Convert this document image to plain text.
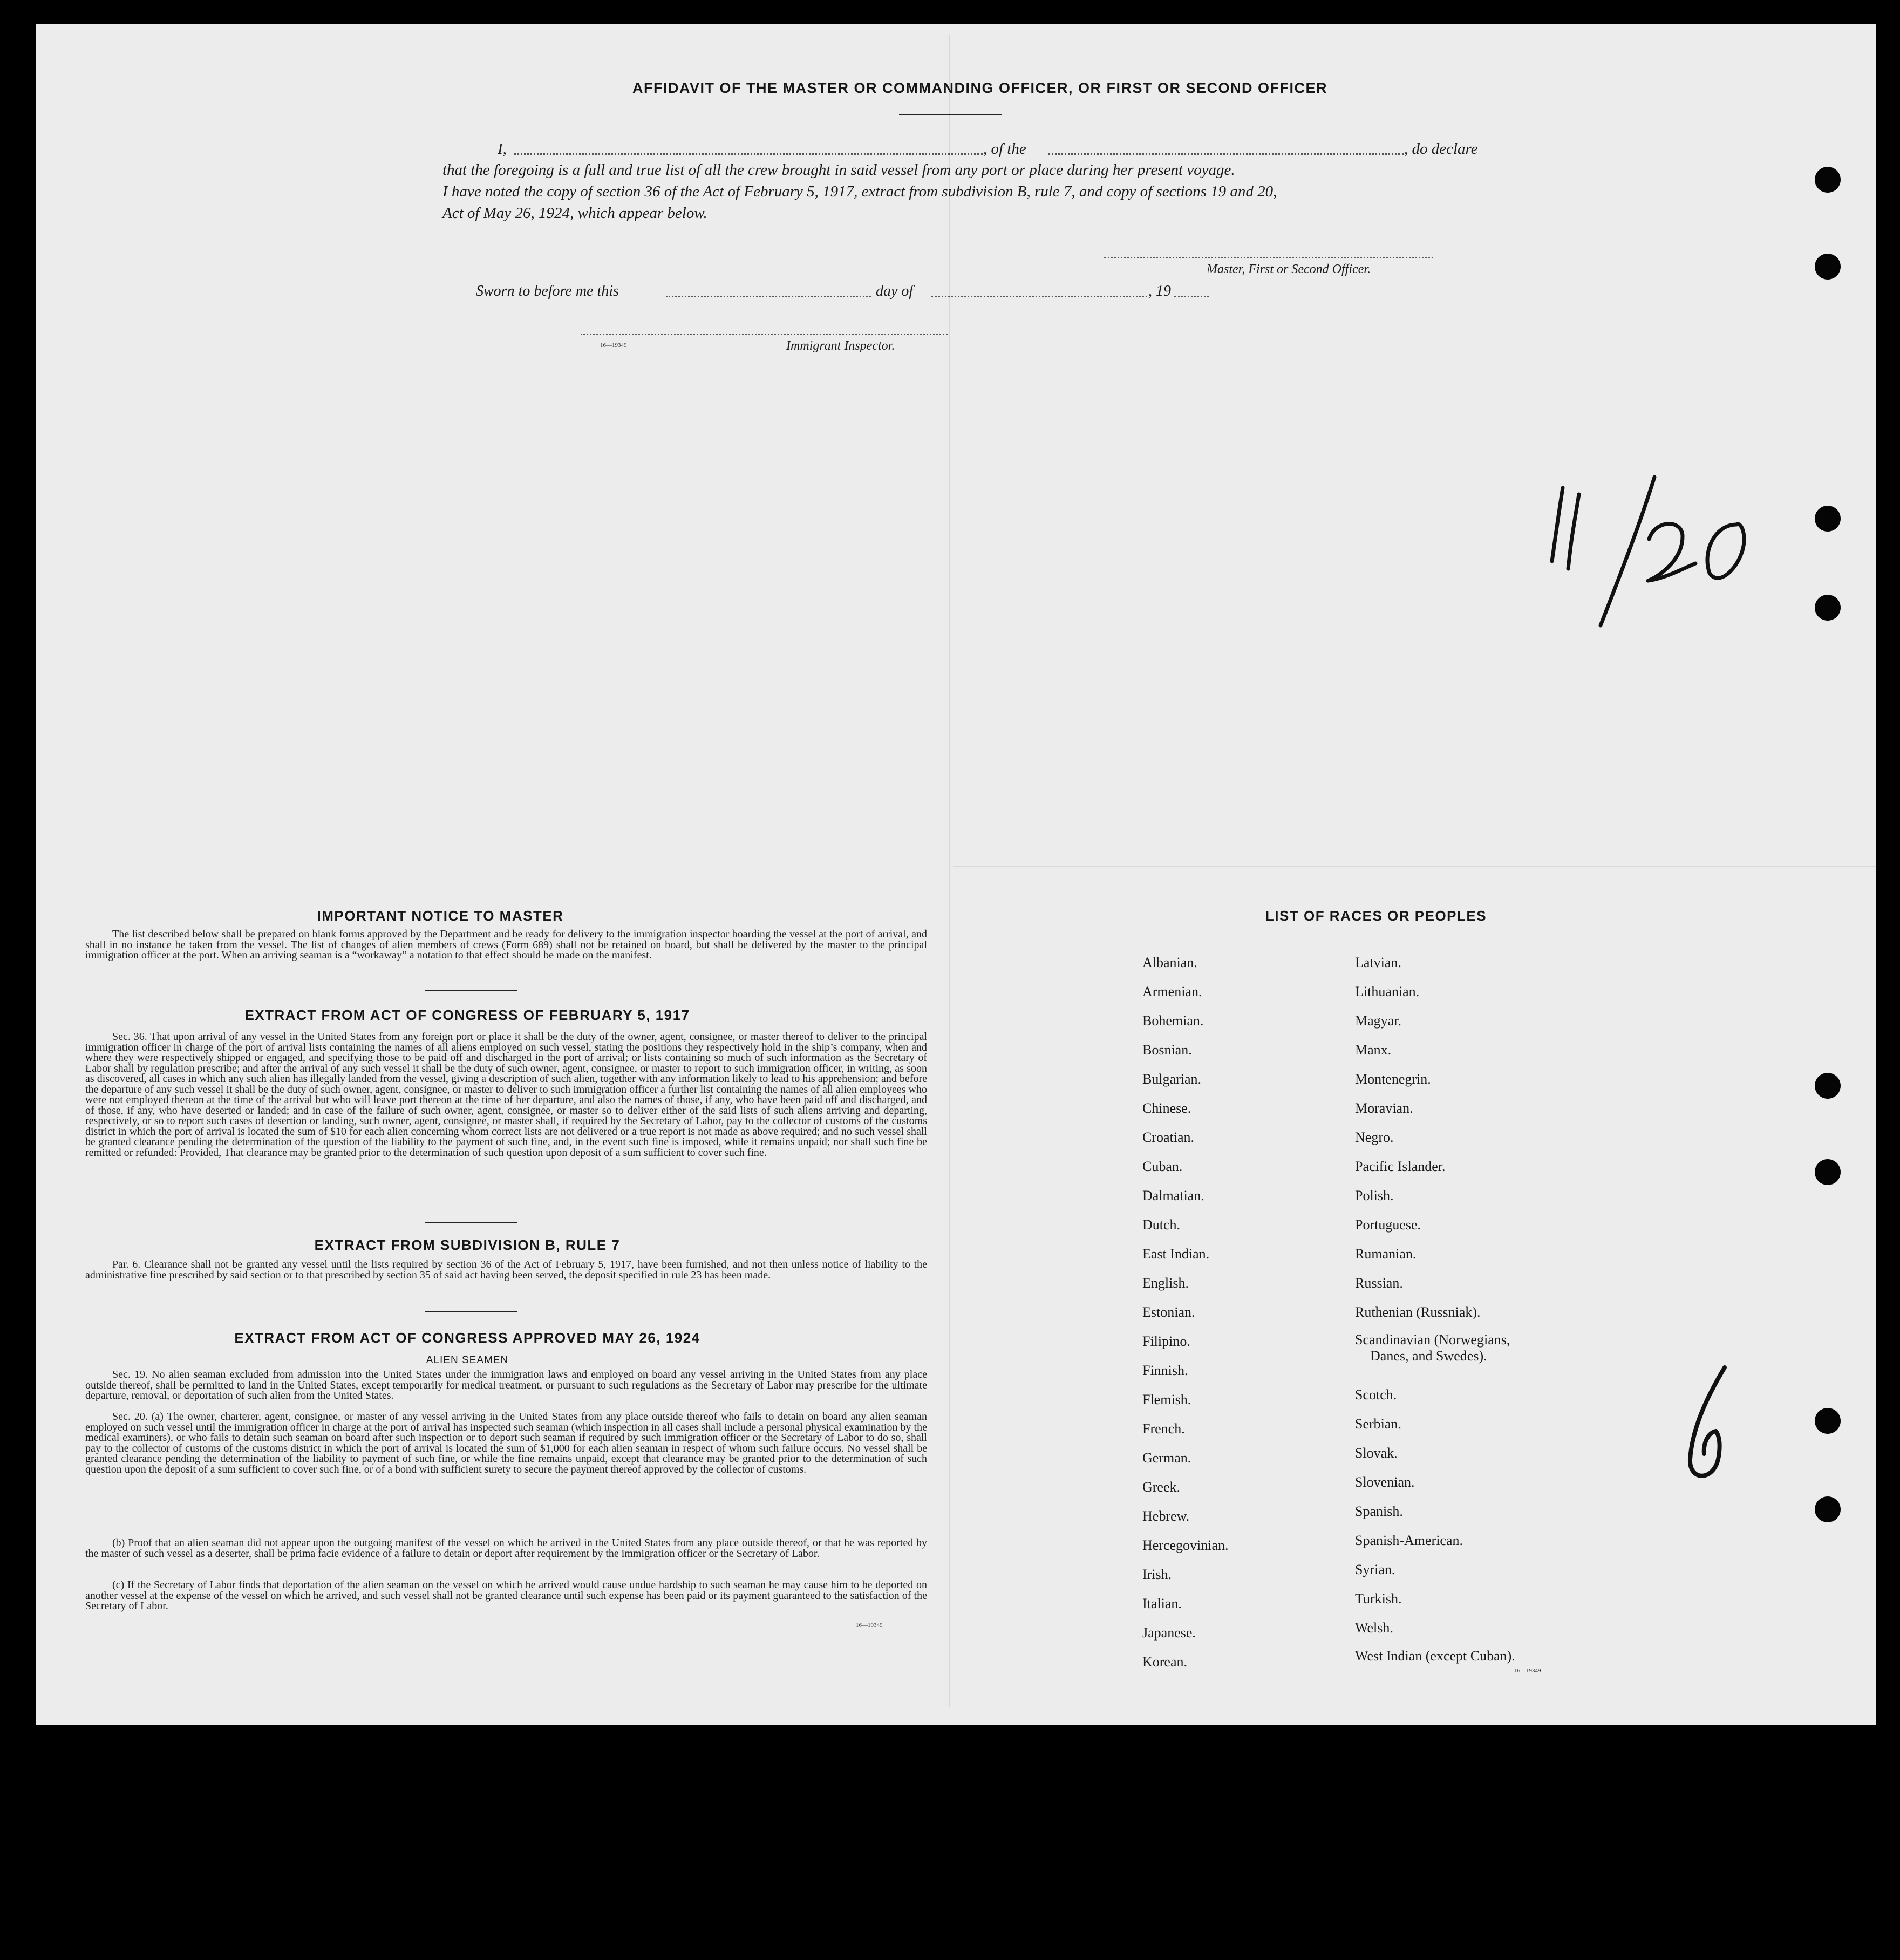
AFFIDAVIT OF THE MASTER OR COMMANDING OFFICER, OR FIRST OR SECOND OFFICER
I,	, of the	, do declare
that the foregoing is a full and true list of all the crew brought in said vessel from any port or place during her present voyage.
I have noted the copy of section 36 of the Act of February 5, 1917, extract from subdivision B, rule 7, and copy of sections 19 and 20,
Act of May 26, 1924, which appear below.
Master, First or Second Officer.
Sworn to before me this	day of	, 19
16—19349	Immigrant Inspector.
11/20
6
IMPORTANT NOTICE TO MASTER
The list described below shall be prepared on blank forms approved by the Department and be ready for delivery to the immigration inspector boarding the vessel at the port of arrival, and shall in no instance be taken from the vessel. The list of changes of alien members of crews (Form 689) shall not be retained on board, but shall be delivered by the master to the principal immigration officer at the port. When an arriving seaman is a “workaway” a notation to that effect should be made on the manifest.
EXTRACT FROM ACT OF CONGRESS OF FEBRUARY 5, 1917
Sec. 36. That upon arrival of any vessel in the United States from any foreign port or place it shall be the duty of the owner, agent, consignee, or master thereof to deliver to the principal immigration officer in charge of the port of arrival lists containing the names of all aliens employed on such vessel, stating the positions they respectively hold in the ship’s company, when and where they were respectively shipped or engaged, and specifying those to be paid off and discharged in the port of arrival; or lists containing so much of such information as the Secretary of Labor shall by regulation prescribe; and after the arrival of any such vessel it shall be the duty of such owner, agent, consignee, or master to report to such immigration officer, in writing, as soon as discovered, all cases in which any such alien has illegally landed from the vessel, giving a description of such alien, together with any information likely to lead to his apprehension; and before the departure of any such vessel it shall be the duty of such owner, agent, consignee, or master to deliver to such immigration officer a further list containing the names of all alien employees who were not employed thereon at the time of the arrival but who will leave port thereon at the time of her departure, and also the names of those, if any, who have been paid off and discharged, and of those, if any, who have deserted or landed; and in case of the failure of such owner, agent, consignee, or master so to deliver either of the said lists of such aliens arriving and departing, respectively, or so to report such cases of desertion or landing, such owner, agent, consignee, or master shall, if required by the Secretary of Labor, pay to the collector of customs of the customs district in which the port of arrival is located the sum of $10 for each alien concerning whom correct lists are not delivered or a true report is not made as above required; and no such vessel shall be granted clearance pending the determination of the question of the liability to the payment of such fine, and, in the event such fine is imposed, while it remains unpaid; nor shall such fine be remitted or refunded: Provided, That clearance may be granted prior to the determination of such question upon deposit of a sum sufficient to cover such fine.
EXTRACT FROM SUBDIVISION B, RULE 7
Par. 6. Clearance shall not be granted any vessel until the lists required by section 36 of the Act of February 5, 1917, have been furnished, and not then unless notice of liability to the administrative fine prescribed by said section or to that prescribed by section 35 of said act having been served, the deposit specified in rule 23 has been made.
EXTRACT FROM ACT OF CONGRESS APPROVED MAY 26, 1924
ALIEN SEAMEN
Sec. 19. No alien seaman excluded from admission into the United States under the immigration laws and employed on board any vessel arriving in the United States from any place outside thereof, shall be permitted to land in the United States, except temporarily for medical treatment, or pursuant to such regulations as the Secretary of Labor may prescribe for the ultimate departure, removal, or deportation of such alien from the United States.
Sec. 20. (a) The owner, charterer, agent, consignee, or master of any vessel arriving in the United States from any place outside thereof who fails to detain on board any alien seaman employed on such vessel until the immigration officer in charge at the port of arrival has inspected such seaman (which inspection in all cases shall include a personal physical examination by the medical examiners), or who fails to detain such seaman on board after such inspection or to deport such seaman if required by such immigration officer or the Secretary of Labor to do so, shall pay to the collector of customs of the customs district in which the port of arrival is located the sum of $1,000 for each alien seaman in respect of whom such failure occurs. No vessel shall be granted clearance pending the determination of the liability to payment of such fine, or while the fine remains unpaid, except that clearance may be granted prior to the determination of such question upon the deposit of a sum sufficient to cover such fine, or of a bond with sufficient surety to secure the payment thereof approved by the collector of customs.
(b) Proof that an alien seaman did not appear upon the outgoing manifest of the vessel on which he arrived in the United States from any place outside thereof, or that he was reported by the master of such vessel as a deserter, shall be prima facie evidence of a failure to detain or deport after requirement by the immigration officer or the Secretary of Labor.
(c) If the Secretary of Labor finds that deportation of the alien seaman on the vessel on which he arrived would cause undue hardship to such seaman he may cause him to be deported on another vessel at the expense of the vessel on which he arrived, and such vessel shall not be granted clearance until such expense has been paid or its payment guaranteed to the satisfaction of the Secretary of Labor.
16—19349
LIST OF RACES OR PEOPLES
16—19349
Albanian.
Armenian.
Bohemian.
Bosnian.
Bulgarian.
Chinese.
Croatian.
Cuban.
Dalmatian.
Dutch.
East Indian.
English.
Estonian.
Filipino.
Finnish.
Flemish.
French.
German.
Greek.
Hebrew.
Hercegovinian.
Irish.
Italian.
Japanese.
Korean.
Latvian.
Lithuanian.
Magyar.
Manx.
Montenegrin.
Moravian.
Negro.
Pacific Islander.
Polish.
Portuguese.
Rumanian.
Russian.
Ruthenian (Russniak).
Scandinavian (Norwegians,
Danes, and Swedes).
Scotch.
Serbian.
Slovak.
Slovenian.
Spanish.
Spanish-American.
Syrian.
Turkish.
Welsh.
West Indian (except Cuban).
